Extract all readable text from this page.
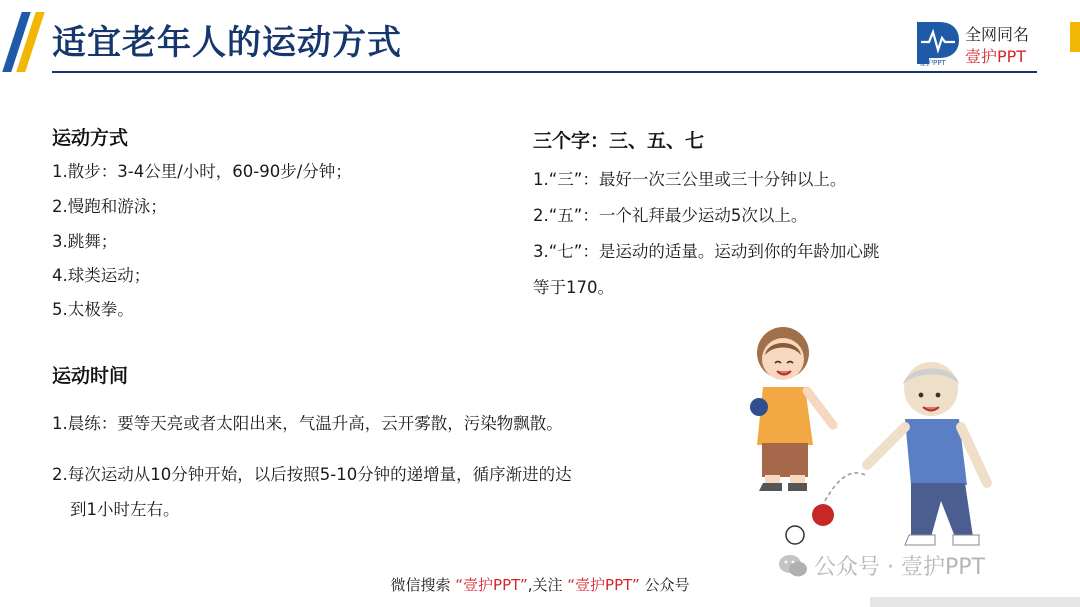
适宜老年人的运动方式	壹护PPT
全网同名
壹护PPT
运动方式
1.散步：3-4公里/小时，60-90步/分钟；
2.慢跑和游泳；
3.跳舞；
4.球类运动；
5.太极拳。
运动时间
1.晨练：要等天亮或者太阳出来，气温升高，云开雾散，污染物飘散。
2.每次运动从10分钟开始，以后按照5-10分钟的递增量，循序渐进的达
到1小时左右。
三个字：三、五、七
1.“三”：最好一次三公里或三十分钟以上。
2.“五”：一个礼拜最少运动5次以上。
3.“七”：是运动的适量。运动到你的年龄加心跳
等于170。
公众号 · 壹护PPT
微信搜索 “壹护PPT”,关注 “壹护PPT” 公众号
